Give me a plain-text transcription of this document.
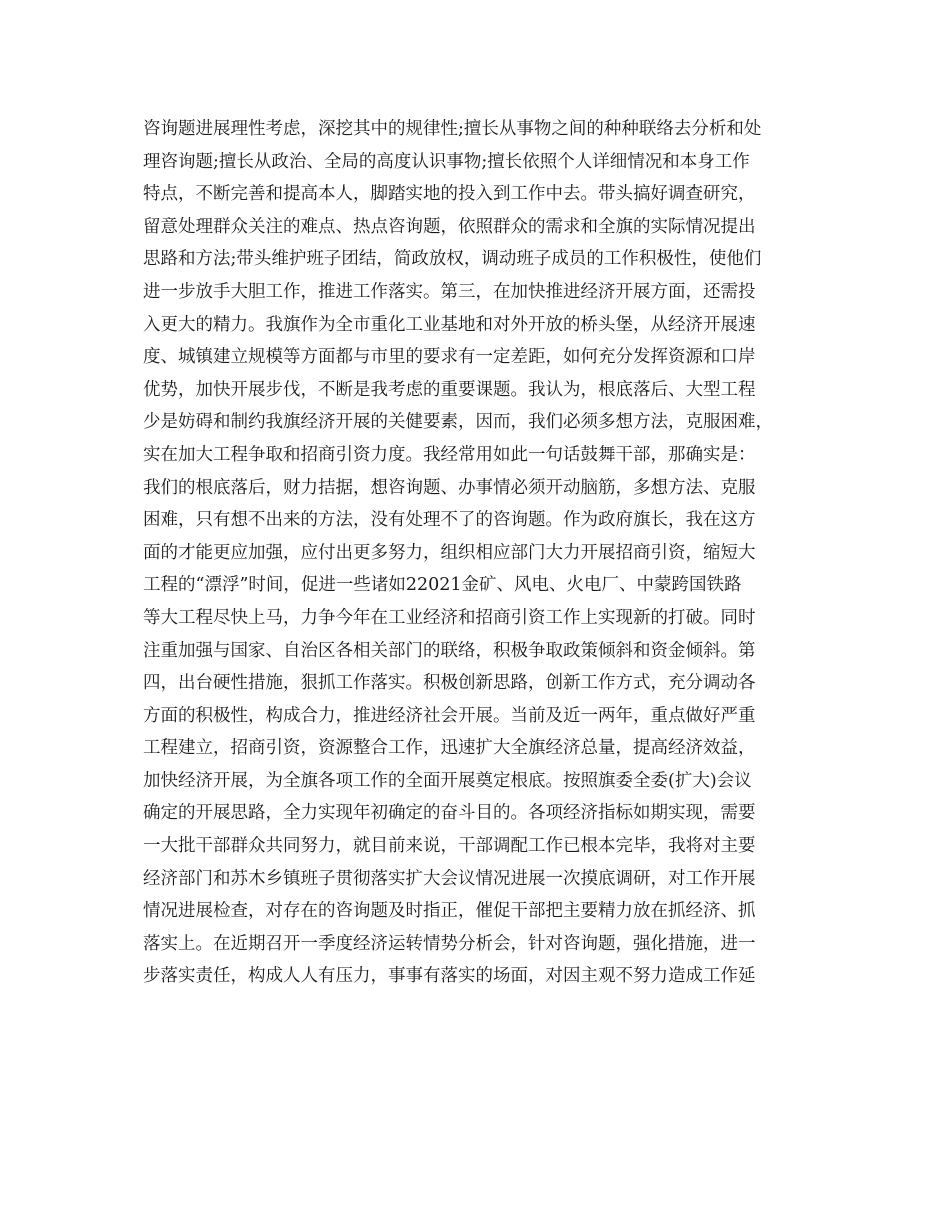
咨询题进展理性考虑，深挖其中的规律性;擅长从事物之间的种种联络去分析和处
理咨询题;擅长从政治、全局的高度认识事物;擅长依照个人详细情况和本身工作
特点，不断完善和提高本人，脚踏实地的投入到工作中去。带头搞好调查研究，
留意处理群众关注的难点、热点咨询题，依照群众的需求和全旗的实际情况提出
思路和方法;带头维护班子团结，简政放权，调动班子成员的工作积极性，使他们
进一步放手大胆工作，推进工作落实。第三，在加快推进经济开展方面，还需投
入更大的精力。我旗作为全市重化工业基地和对外开放的桥头堡，从经济开展速
度、城镇建立规模等方面都与市里的要求有一定差距，如何充分发挥资源和口岸
优势，加快开展步伐，不断是我考虑的重要课题。我认为，根底落后、大型工程
少是妨碍和制约我旗经济开展的关健要素，因而，我们必须多想方法，克服困难，
实在加大工程争取和招商引资力度。我经常用如此一句话鼓舞干部，那确实是：
我们的根底落后，财力拮据，想咨询题、办事情必须开动脑筋，多想方法、克服
困难，只有想不出来的方法，没有处理不了的咨询题。作为政府旗长，我在这方
面的才能更应加强，应付出更多努力，组织相应部门大力开展招商引资，缩短大
工程的“漂浮”时间，促进一些诸如22021金矿、风电、火电厂、中蒙跨国铁路
等大工程尽快上马，力争今年在工业经济和招商引资工作上实现新的打破。同时
注重加强与国家、自治区各相关部门的联络，积极争取政策倾斜和资金倾斜。第
四，出台硬性措施，狠抓工作落实。积极创新思路，创新工作方式，充分调动各
方面的积极性，构成合力，推进经济社会开展。当前及近一两年，重点做好严重
工程建立，招商引资，资源整合工作，迅速扩大全旗经济总量，提高经济效益，
加快经济开展，为全旗各项工作的全面开展奠定根底。按照旗委全委(扩大)会议
确定的开展思路，全力实现年初确定的奋斗目的。各项经济指标如期实现，需要
一大批干部群众共同努力，就目前来说，干部调配工作已根本完毕，我将对主要
经济部门和苏木乡镇班子贯彻落实扩大会议情况进展一次摸底调研，对工作开展
情况进展检查，对存在的咨询题及时指正，催促干部把主要精力放在抓经济、抓
落实上。在近期召开一季度经济运转情势分析会，针对咨询题，强化措施，进一
步落实责任，构成人人有压力，事事有落实的场面，对因主观不努力造成工作延
